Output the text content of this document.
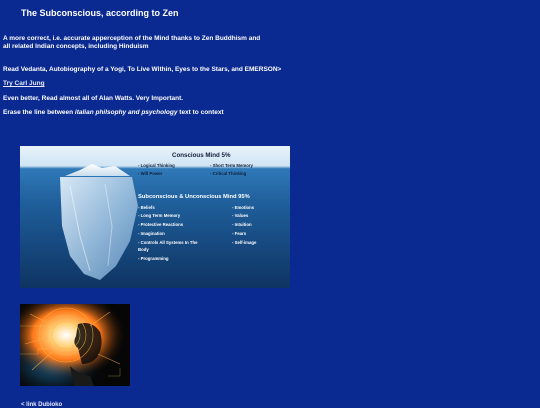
The Subconscious, according to Zen
A more correct, i.e. accurate apperception of the Mind thanks to Zen Buddhism and
all related Indian concepts, including Hinduism
Read Vedanta, Autobiography of a Yogi, To Live Within, Eyes to the Stars, and EMERSON>
Try Carl Jung
Even better, Read almost all of Alan Watts. Very Important.
Erase the line between italian philsophy and psychology text to context
Conscious Mind 5%
- Logical Thinking
- Will Power
- Short Term Memory
- Critical Thinking
Subconscious & Unconscious Mind 95%
- Beliefs
- Long Term Memory
- Protective Reactions
- Imagination
- Controls All Systems In The
Body
- Programming
- Emotions
- Values
- Intuition
- Fears
- Self-image
< link Dubioko
